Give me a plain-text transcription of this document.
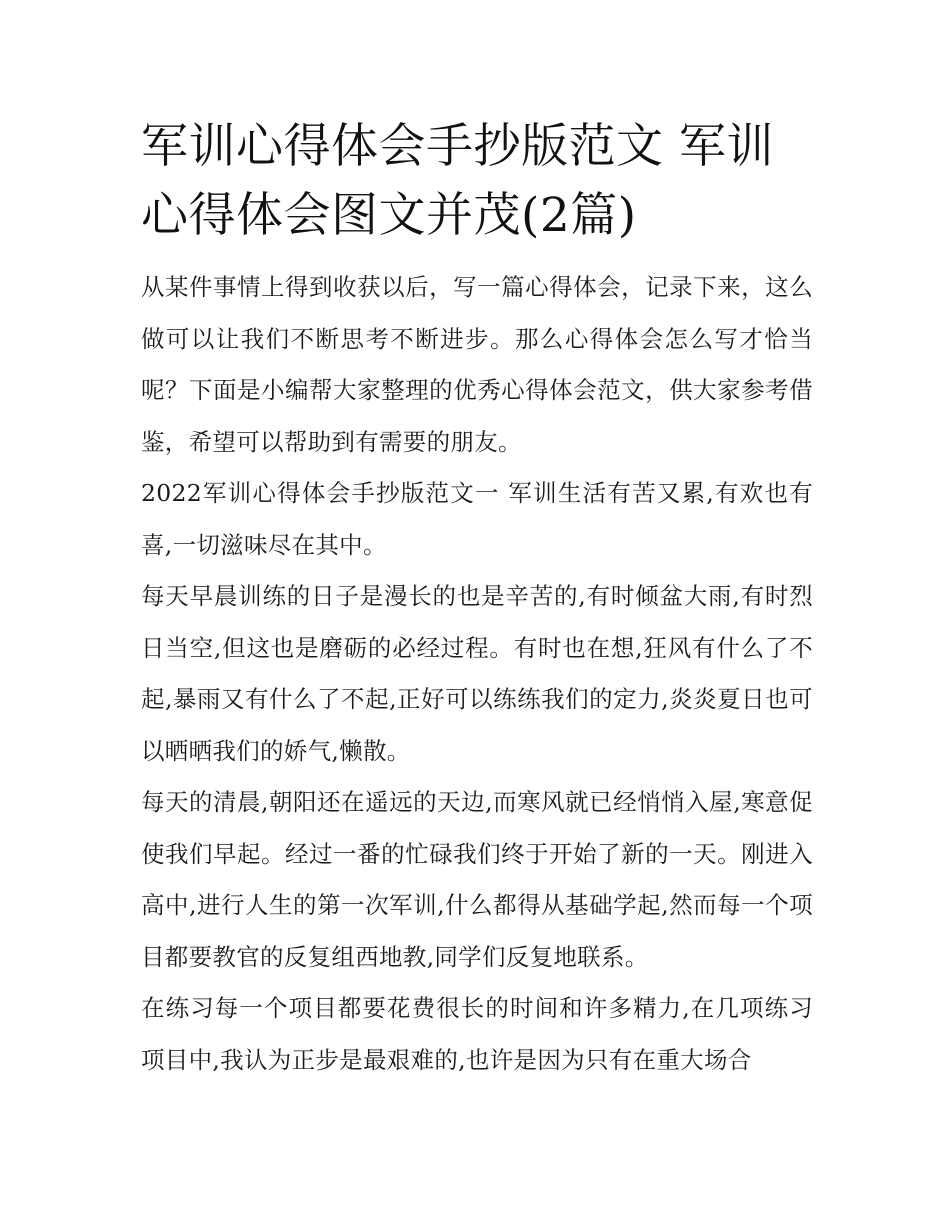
军训心得体会手抄版范文 军训心得体会图文并茂(2篇)

从某件事情上得到收获以后，写一篇心得体会，记录下来，这么做可以让我们不断思考不断进步。那么心得体会怎么写才恰当呢？下面是小编帮大家整理的优秀心得体会范文，供大家参考借鉴，希望可以帮助到有需要的朋友。

2022军训心得体会手抄版范文一 军训生活有苦又累,有欢也有喜,一切滋味尽在其中。

每天早晨训练的日子是漫长的也是辛苦的,有时倾盆大雨,有时烈日当空,但这也是磨砺的必经过程。有时也在想,狂风有什么了不起,暴雨又有什么了不起,正好可以练练我们的定力,炎炎夏日也可以晒晒我们的娇气,懒散。

每天的清晨,朝阳还在遥远的天边,而寒风就已经悄悄入屋,寒意促使我们早起。经过一番的忙碌我们终于开始了新的一天。刚进入高中,进行人生的第一次军训,什么都得从基础学起,然而每一个项目都要教官的反复组西地教,同学们反复地联系。

在练习每一个项目都要花费很长的时间和许多精力,在几项练习项目中,我认为正步是最艰难的,也许是因为只有在重大场合
